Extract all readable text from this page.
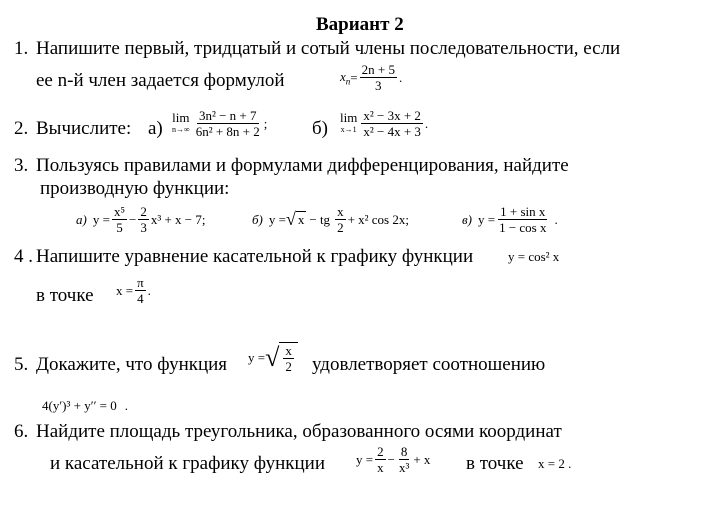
Вариант 2
1. Напишите первый, тридцатый и сотый члены последовательности, если
ее n-й член задается формулой	$x_n = \frac{2n + 5}{3}$ .
2. Вычислите: а)
lim
$n\to\infty \frac{\text{3n² − n + 7}}{\text{6n² + 8n + 2}}$ ; б)
lim
$x\to 1 \frac{\text{x² − 3x + 2}}{\text{x² − 4x + 3}}$ .
3. Пользуясь правилами и формулами дифференцирования, найдите
производную функции:
а) $y = \frac{\text{x⁵}}{5} - \frac{2}{3} x^3 + x - 7$;	б) y = √ x − tg $\frac{x}{2} + x^2$ cos 2x;	в) $y = \frac{\text{1 + sin x}}{\text{1 − cos x}}$ .
4 . Напишите уравнение касательной к графику функции	y = cos² x
в точке $x = \frac{\pi}{4}$ .
5. Докажите, что функция y = √ $\frac{x}{2}$ удовлетворяет соотношению
4(y′)³ + y′′ = 0 .
6. Найдите площадь треугольника, образованного осями координат
и касательной к графику функции $y = \frac{2}{x} - \frac{8}{\text{x³}} + x$ в точке x = 2 .
